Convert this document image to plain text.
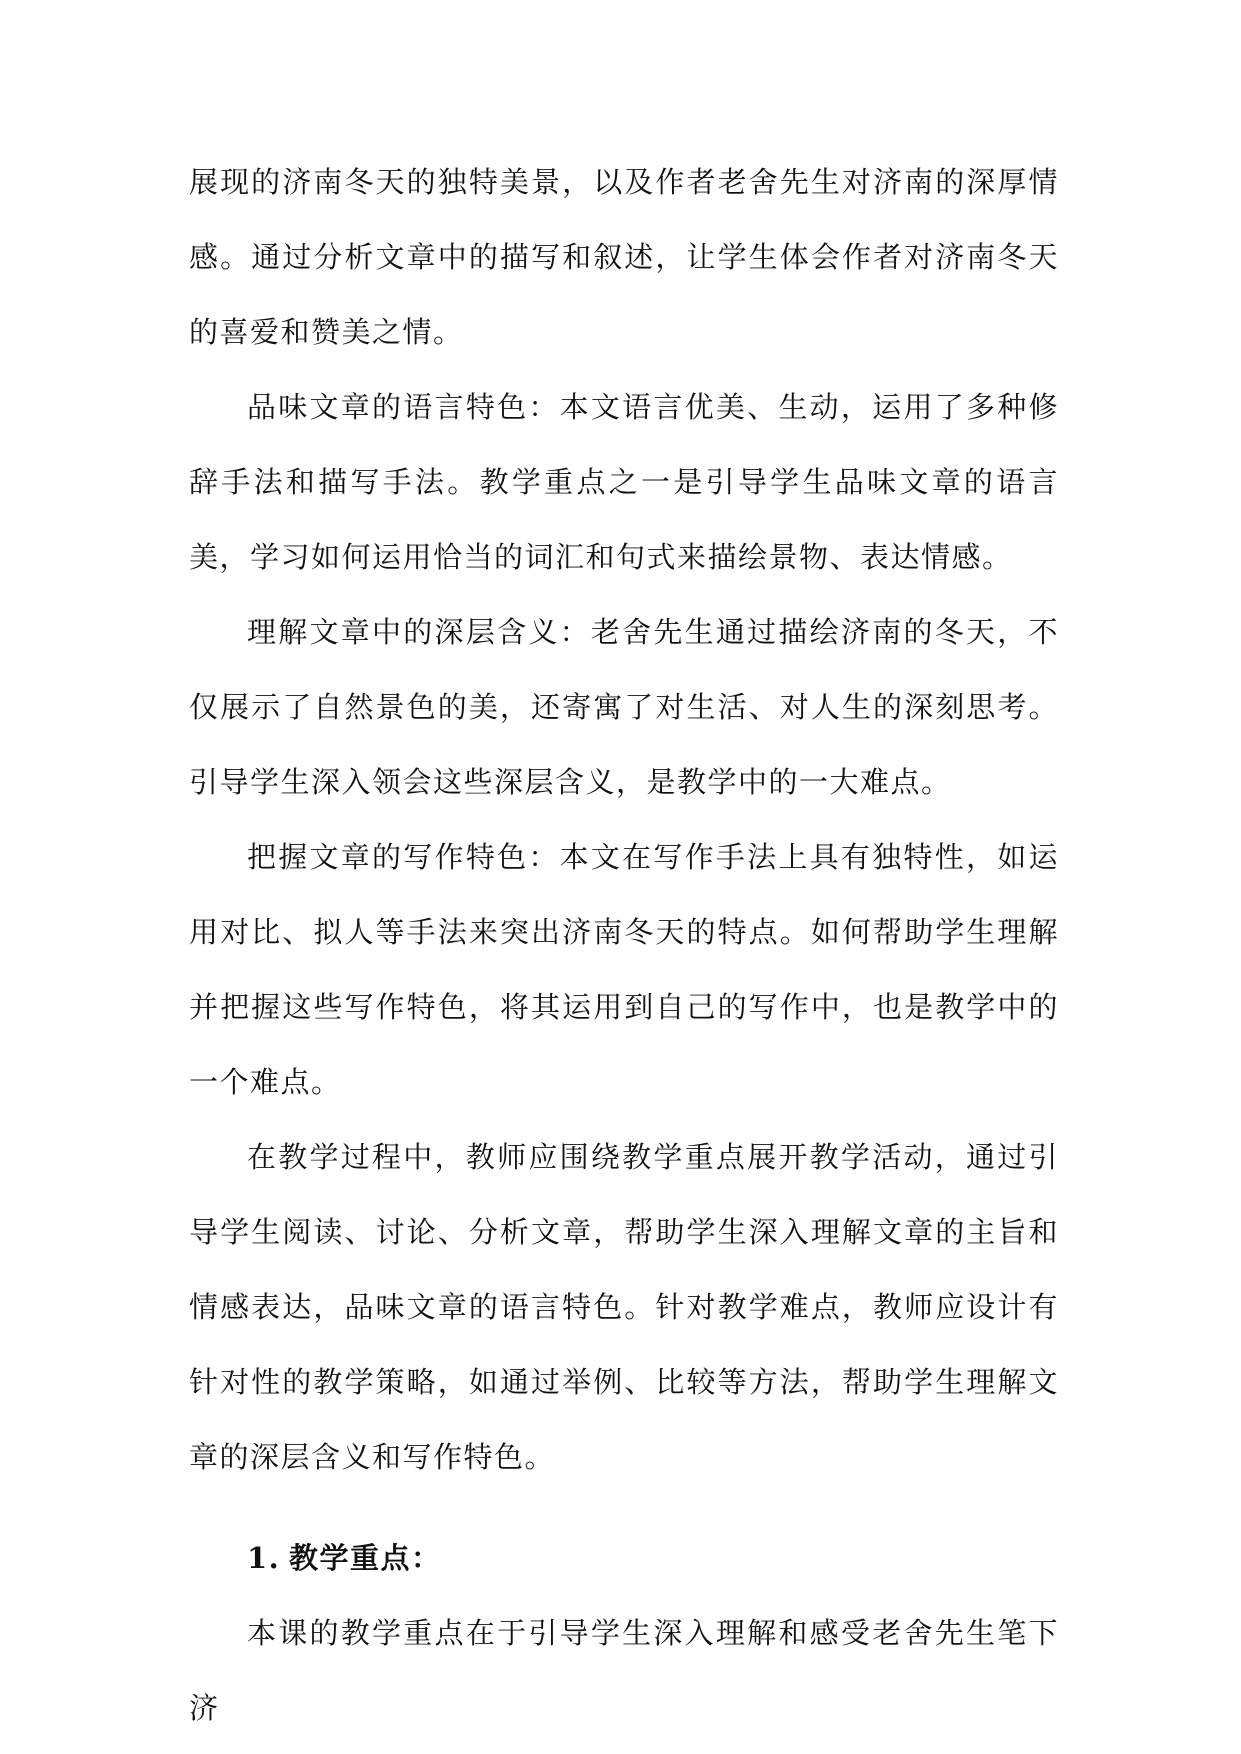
展现的济南冬天的独特美景，以及作者老舍先生对济南的深厚情感。通过分析文章中的描写和叙述，让学生体会作者对济南冬天的喜爱和赞美之情。

品味文章的语言特色：本文语言优美、生动，运用了多种修辞手法和描写手法。教学重点之一是引导学生品味文章的语言美，学习如何运用恰当的词汇和句式来描绘景物、表达情感。

理解文章中的深层含义：老舍先生通过描绘济南的冬天，不仅展示了自然景色的美，还寄寓了对生活、对人生的深刻思考。引导学生深入领会这些深层含义，是教学中的一大难点。

把握文章的写作特色：本文在写作手法上具有独特性，如运用对比、拟人等手法来突出济南冬天的特点。如何帮助学生理解并把握这些写作特色，将其运用到自己的写作中，也是教学中的一个难点。

在教学过程中，教师应围绕教学重点展开教学活动，通过引导学生阅读、讨论、分析文章，帮助学生深入理解文章的主旨和情感表达，品味文章的语言特色。针对教学难点，教师应设计有针对性的教学策略，如通过举例、比较等方法，帮助学生理解文章的深层含义和写作特色。

1. 教学重点：

本课的教学重点在于引导学生深入理解和感受老舍先生笔下济
